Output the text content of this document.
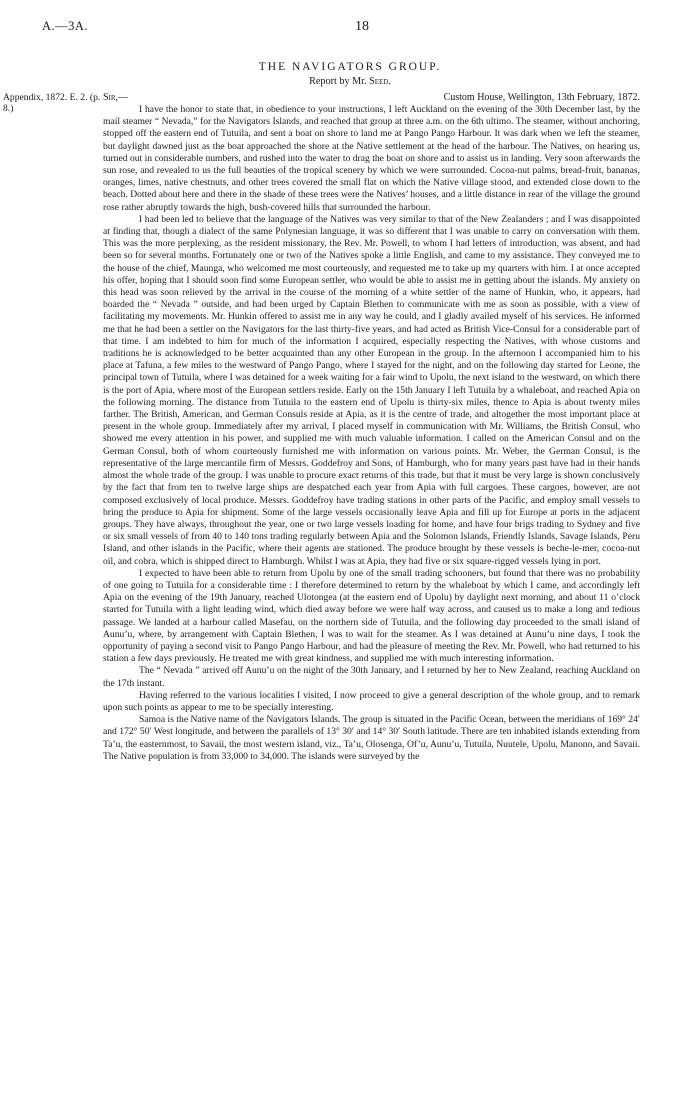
A.—3A.	18
THE NAVIGATORS GROUP.
Report by Mr. Seed.
Appendix, 1872. E. 2. (p. 8.)
Sir,—	Custom House, Wellington, 13th February, 1872.

I have the honor to state that, in obedience to your instructions, I left Auckland on the evening of the 30th December last, by the mail steamer “ Nevada,” for the Navigators Islands, and reached that group at three a.m. on the 6th ultimo. The steamer, without anchoring, stopped off the eastern end of Tutuila, and sent a boat on shore to land me at Pango Pango Harbour. It was dark when we left the steamer, but daylight dawned just as the boat approached the shore at the Native settlement at the head of the harbour. The Natives, on hearing us, turned out in considerable numbers, and rushed into the water to drag the boat on shore and to assist us in landing. Very soon afterwards the sun rose, and revealed to us the full beauties of the tropical scenery by which we were surrounded. Cocoa-nut palms, bread-fruit, bananas, oranges, limes, native chestnuts, and other trees covered the small flat on which the Native village stood, and extended close down to the beach. Dotted about here and there in the shade of these trees were the Natives’ houses, and a little distance in rear of the village the ground rose rather abruptly towards the high, bush-covered hills that surrounded the harbour.

I had been led to believe that the language of the Natives was very similar to that of the New Zealanders ; and I was disappointed at finding that, though a dialect of the same Polynesian language, it was so different that I was unable to carry on conversation with them. This was the more perplexing, as the resident missionary, the Rev. Mr. Powell, to whom I had letters of introduction, was absent, and had been so for several months. Fortunately one or two of the Natives spoke a little English, and came to my assistance. They conveyed me to the house of the chief, Maunga, who welcomed me most courteously, and requested me to take up my quarters with him. I at once accepted his offer, hoping that I should soon find some European settler, who would be able to assist me in getting about the islands. My anxiety on this head was soon relieved by the arrival in the course of the morning of a white settler of the name of Hunkin, who, it appears, had boarded the “ Nevada ” outside, and had been urged by Captain Blethen to communicate with me as soon as possible, with a view of facilitating my movements. Mr. Hunkin offered to assist me in any way he could, and I gladly availed myself of his services. He informed me that he had been a settler on the Navigators for the last thirty-five years, and had acted as British Vice-Consul for a considerable part of that time. I am indebted to him for much of the information I acquired, especially respecting the Natives, with whose customs and traditions he is acknowledged to be better acquainted than any other European in the group. In the afternoon I accompanied him to his place at Tafuna, a few miles to the westward of Pango Pango, where I stayed for the night, and on the following day started for Leone, the principal town of Tutuila, where I was detained for a week waiting for a fair wind to Upolu, the next island to the westward, on which there is the port of Apia, where most of the European settlers reside. Early on the 15th January I left Tutuila by a whaleboat, and reached Apia on the following morning. The distance from Tutuila to the eastern end of Upolu is thirty-six miles, thence to Apia is about twenty miles farther. The British, American, and German Consuls reside at Apia, as it is the centre of trade, and altogether the most important place at present in the whole group. Immediately after my arrival, I placed myself in communication with Mr. Williams, the British Consul, who showed me every attention in his power, and supplied me with much valuable information. I called on the American Consul and on the German Consul, both of whom courteously furnished me with information on various points. Mr. Weber, the German Consul, is the representative of the large mercantile firm of Messrs. Goddefroy and Sons, of Hamburgh, who for many years past have had in their hands almost the whole trade of the group. I was unable to procure exact returns of this trade, but that it must be very large is shown conclusively by the fact that from ten to twelve large ships are despatched each year from Apia with full cargoes. These cargoes, however, are not composed exclusively of local produce. Messrs. Goddefroy have trading stations in other parts of the Pacific, and employ small vessels to bring the produce to Apia for shipment. Some of the large vessels occasionally leave Apia and fill up for Europe at ports in the adjacent groups. They have always, throughout the year, one or two large vessels loading for home, and have four brigs trading to Sydney and five or six small vessels of from 40 to 140 tons trading regularly between Apia and the Solomon Islands, Friendly Islands, Savage Islands, Peru Island, and other islands in the Pacific, where their agents are stationed. The produce brought by these vessels is beche-le-mer, cocoa-nut oil, and cobra, which is shipped direct to Hamburgh. Whilst I was at Apia, they had five or six square-rigged vessels lying in port.

I expected to have been able to return from Upolu by one of the small trading schooners, but found that there was no probability of one going to Tutuila for a considerable time : I therefore determined to return by the whaleboat by which I came, and accordingly left Apia on the evening of the 19th January, reached Ulotongea (at the eastern end of Upolu) by daylight next morning, and about 11 o’clock started for Tutuila with a light leading wind, which died away before we were half way across, and caused us to make a long and tedious passage. We landed at a harbour called Masefau, on the northern side of Tutuila, and the following day proceeded to the small island of Aunu’u, where, by arrangement with Captain Blethen, I was to wait for the steamer. As I was detained at Aunu’u nine days, I took the opportunity of paying a second visit to Pango Pango Harbour, and had the pleasure of meeting the Rev. Mr. Powell, who had returned to his station a few days previously. He treated me with great kindness, and supplied me with much interesting information.

The “ Nevada ” arrived off Aunu’u on the night of the 30th January, and I returned by her to New Zealand, reaching Auckland on the 17th instant.

Having referred to the various localities I visited, I now proceed to give a general description of the whole group, and to remark upon such points as appear to me to be specially interesting.

Samoa is the Native name of the Navigators Islands. The group is situated in the Pacific Ocean, between the meridians of 169° 24′ and 172° 50′ West longitude, and between the parallels of 13° 30′ and 14° 30′ South latitude. There are ten inhabited islands extending from Ta’u, the easternmost, to Savaii, the most western island, viz., Ta’u, Olosenga, Of’u, Aunu’u, Tutuila, Nuutele, Upolu, Manono, and Savaii. The Native population is from 33,000 to 34,000. The islands were surveyed by the
